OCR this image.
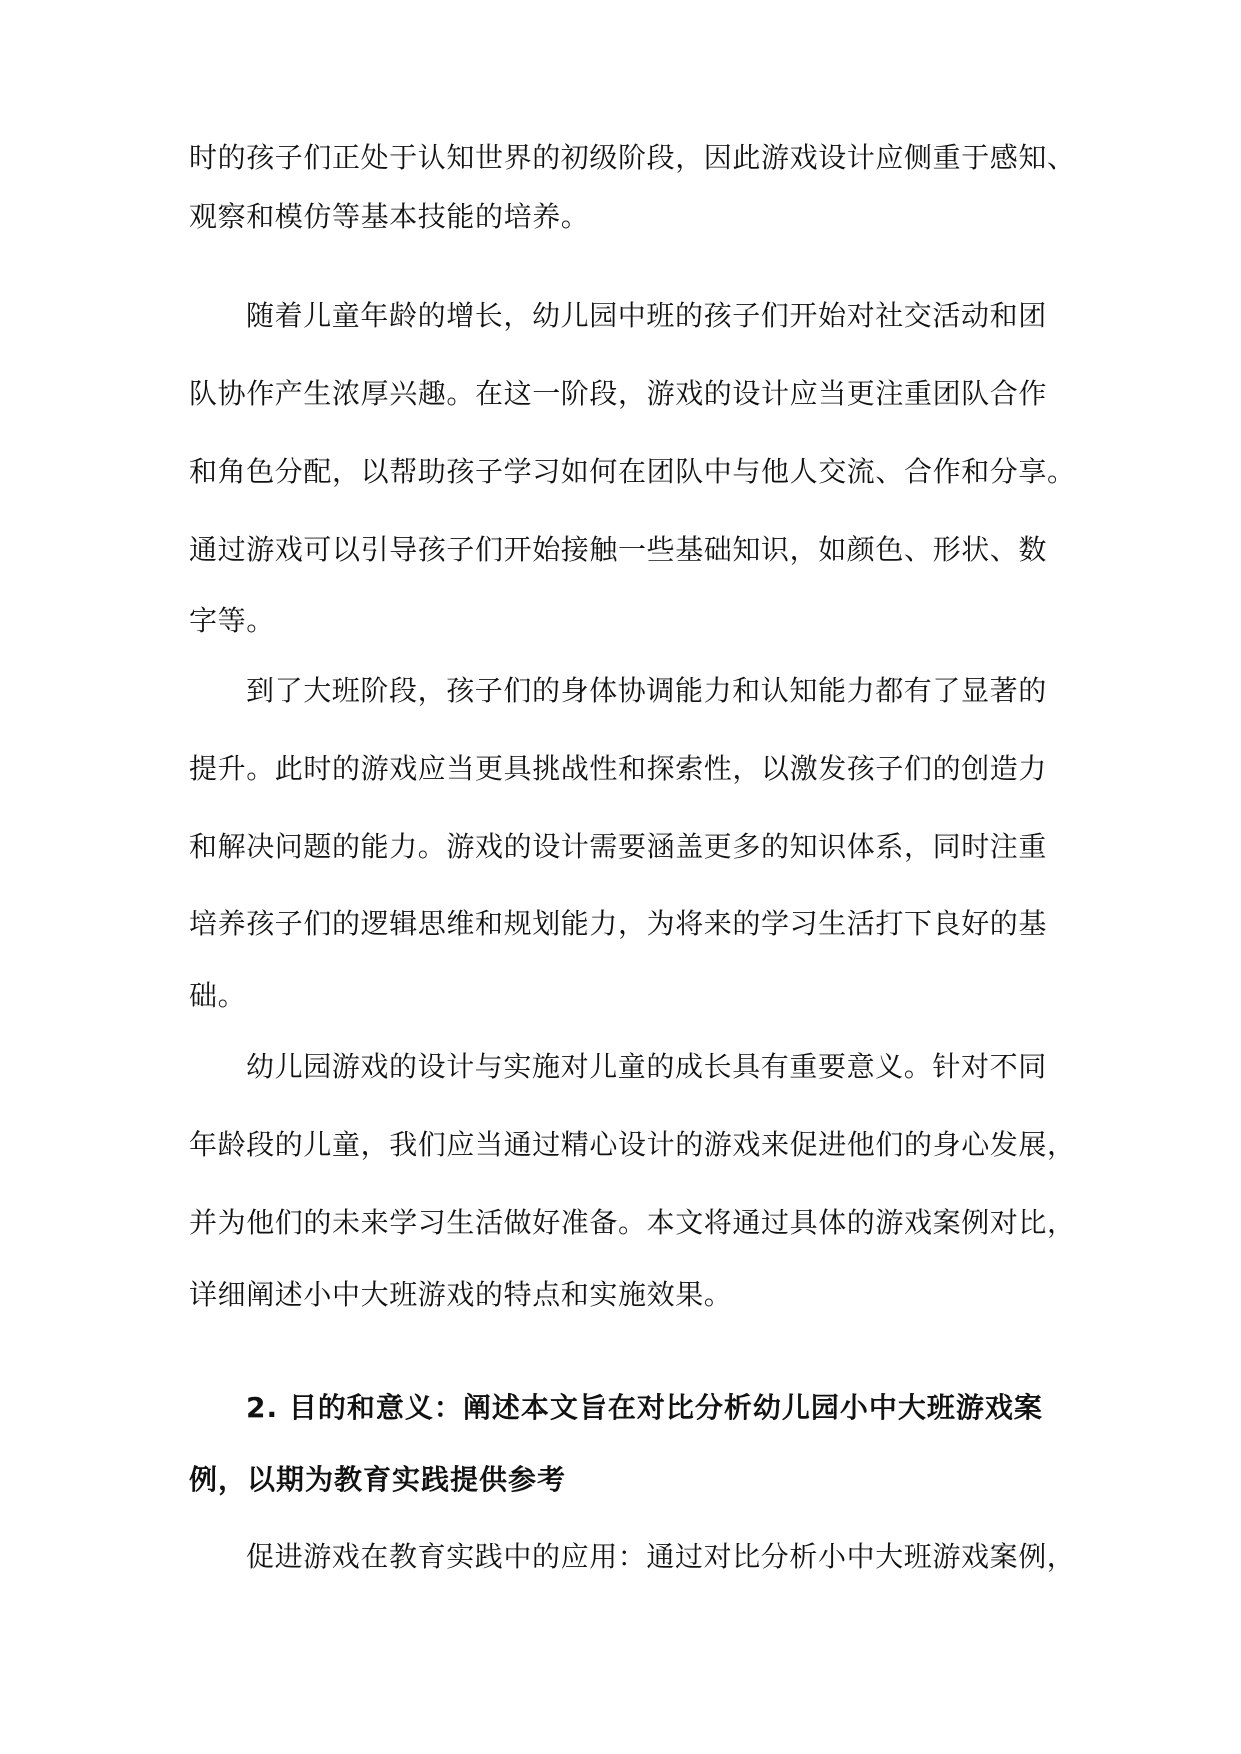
时的孩子们正处于认知世界的初级阶段，因此游戏设计应侧重于感知、
观察和模仿等基本技能的培养。
随着儿童年龄的增长，幼儿园中班的孩子们开始对社交活动和团
队协作产生浓厚兴趣。在这一阶段，游戏的设计应当更注重团队合作
和角色分配，以帮助孩子学习如何在团队中与他人交流、合作和分享。
通过游戏可以引导孩子们开始接触一些基础知识，如颜色、形状、数
字等。
到了大班阶段，孩子们的身体协调能力和认知能力都有了显著的
提升。此时的游戏应当更具挑战性和探索性，以激发孩子们的创造力
和解决问题的能力。游戏的设计需要涵盖更多的知识体系，同时注重
培养孩子们的逻辑思维和规划能力，为将来的学习生活打下良好的基
础。
幼儿园游戏的设计与实施对儿童的成长具有重要意义。针对不同
年龄段的儿童，我们应当通过精心设计的游戏来促进他们的身心发展，
并为他们的未来学习生活做好准备。本文将通过具体的游戏案例对比，
详细阐述小中大班游戏的特点和实施效果。
2. 目的和意义：阐述本文旨在对比分析幼儿园小中大班游戏案
例，以期为教育实践提供参考
促进游戏在教育实践中的应用：通过对比分析小中大班游戏案例，
